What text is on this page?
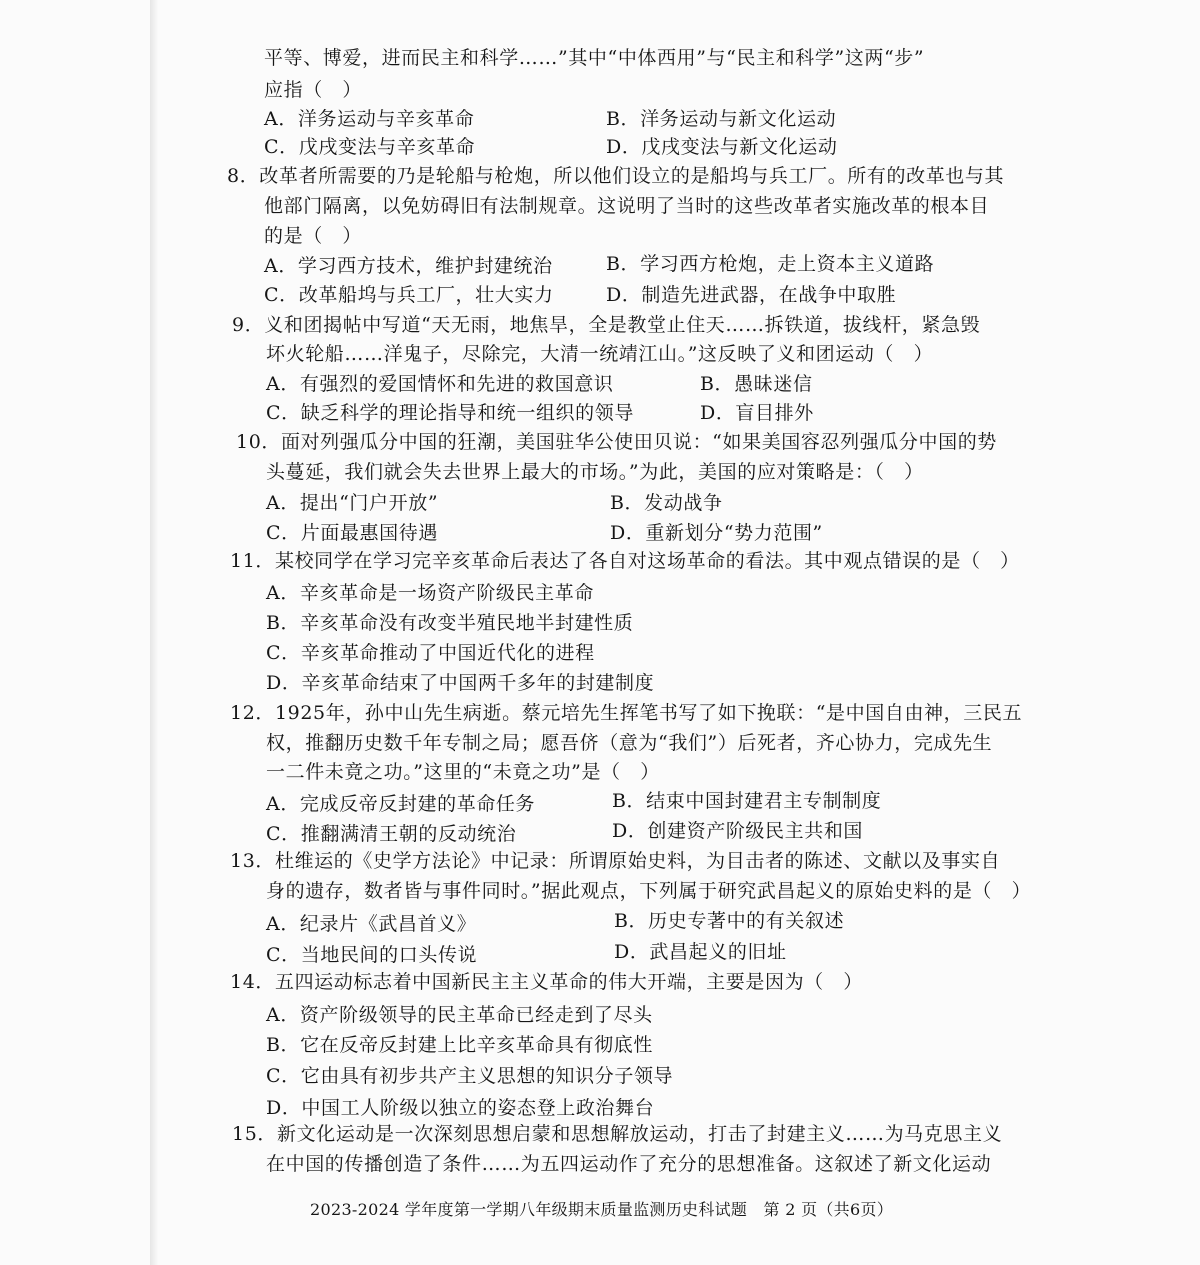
平等、博爱，进而民主和科学……”其中“中体西用”与“民主和科学”这两“步”
应指（　）
A．洋务运动与辛亥革命	B．洋务运动与新文化运动
C．戊戌变法与辛亥革命	D．戊戌变法与新文化运动
8．改革者所需要的乃是轮船与枪炮，所以他们设立的是船坞与兵工厂。所有的改革也与其
他部门隔离，以免妨碍旧有法制规章。这说明了当时的这些改革者实施改革的根本目
的是（　）
A．学习西方技术，维护封建统治	B．学习西方枪炮，走上资本主义道路
C．改革船坞与兵工厂，壮大实力	D．制造先进武器，在战争中取胜
9．义和团揭帖中写道“天无雨，地焦旱，全是教堂止住天……拆铁道，拔线杆，紧急毁
坏火轮船……洋鬼子，尽除完，大清一统靖江山。”这反映了义和团运动（　）
A．有强烈的爱国情怀和先进的救国意识	B．愚昧迷信
C．缺乏科学的理论指导和统一组织的领导	D．盲目排外
10．面对列强瓜分中国的狂潮，美国驻华公使田贝说：“如果美国容忍列强瓜分中国的势
头蔓延，我们就会失去世界上最大的市场。”为此，美国的应对策略是：（　）
A．提出“门户开放”	B．发动战争
C．片面最惠国待遇	D．重新划分“势力范围”
11．某校同学在学习完辛亥革命后表达了各自对这场革命的看法。其中观点错误的是（　）
A．辛亥革命是一场资产阶级民主革命
B．辛亥革命没有改变半殖民地半封建性质
C．辛亥革命推动了中国近代化的进程
D．辛亥革命结束了中国两千多年的封建制度
12．1925年，孙中山先生病逝。蔡元培先生挥笔书写了如下挽联：“是中国自由神，三民五
权，推翻历史数千年专制之局；愿吾侪（意为“我们”）后死者，齐心协力，完成先生
一二件未竟之功。”这里的“未竟之功”是（　）
A．完成反帝反封建的革命任务	B．结束中国封建君主专制制度
C．推翻满清王朝的反动统治	D．创建资产阶级民主共和国
13．杜维运的《史学方法论》中记录：所谓原始史料，为目击者的陈述、文献以及事实自
身的遗存，数者皆与事件同时。”据此观点，下列属于研究武昌起义的原始史料的是（　）
A．纪录片《武昌首义》	B．历史专著中的有关叙述
C．当地民间的口头传说	D．武昌起义的旧址
14．五四运动标志着中国新民主主义革命的伟大开端，主要是因为（　）
A．资产阶级领导的民主革命已经走到了尽头
B．它在反帝反封建上比辛亥革命具有彻底性
C．它由具有初步共产主义思想的知识分子领导
D．中国工人阶级以独立的姿态登上政治舞台
15．新文化运动是一次深刻思想启蒙和思想解放运动，打击了封建主义……为马克思主义
在中国的传播创造了条件……为五四运动作了充分的思想准备。这叙述了新文化运动
2023-2024 学年度第一学期八年级期末质量监测历史科试题　第 2 页（共6页）
